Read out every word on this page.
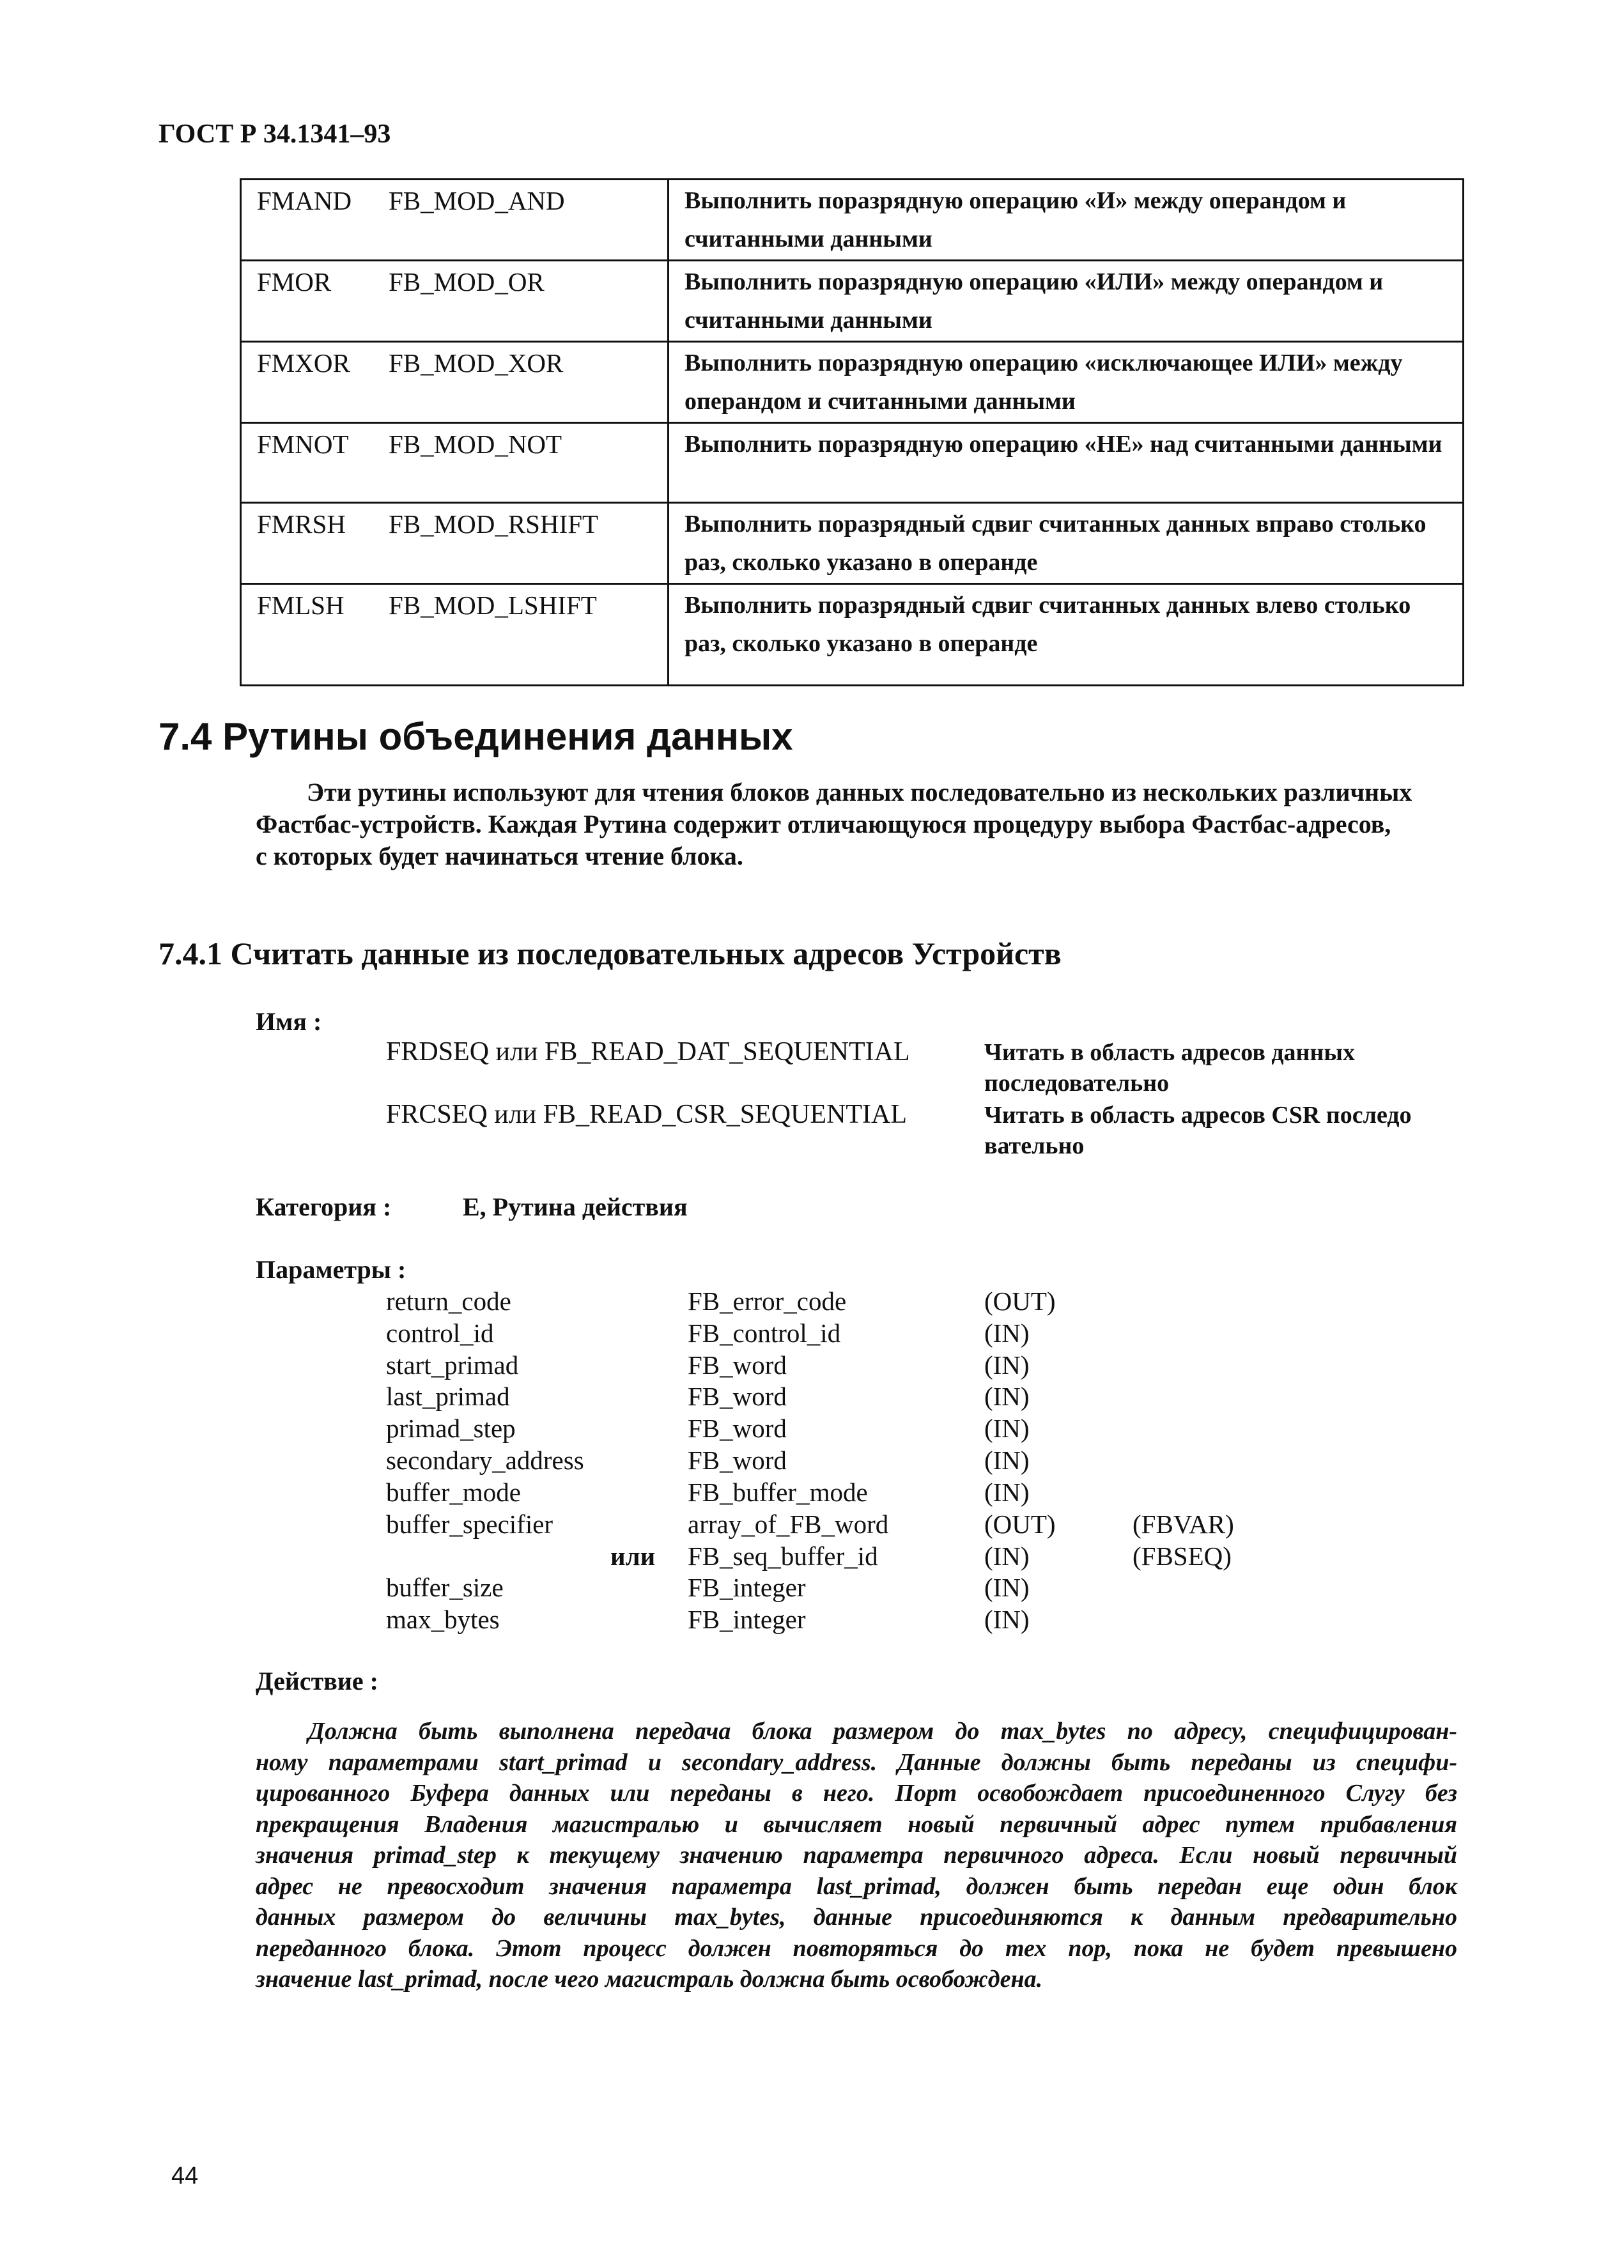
ГОСТ Р 34.1341–93
FMAND FB_MOD_AND	Выполнить поразрядную операцию «И» между операндом и считанными данными
FMOR FB_MOD_OR	Выполнить поразрядную операцию «ИЛИ» между операндом и считанными данными
FMXOR FB_MOD_XOR	Выполнить поразрядную операцию «исключающее ИЛИ» между операндом и считанными данными
FMNOT FB_MOD_NOT	Выполнить поразрядную операцию «НЕ» над считанными данными
FMRSH FB_MOD_RSHIFT	Выполнить поразрядный сдвиг считанных данных вправо столько раз, сколько указано в операнде
FMLSH FB_MOD_LSHIFT	Выполнить поразрядный сдвиг считанных данных влево столько раз, сколько указано в операнде
7.4 Рутины объединения данных
Эти рутины используют для чтения блоков данных последовательно из нескольких различных
Фастбас-устройств. Каждая Рутина содержит отличающуюся процедуру выбора Фастбас-адресов,
с которых будет начинаться чтение блока.
7.4.1 Считать данные из последовательных адресов Устройств
Имя :
FRDSEQ или FB_READ_DAT_SEQUENTIAL	Читать в область адресов данных
последовательно
FRCSEQ или FB_READ_CSR_SEQUENTIAL	Читать в область адресов CSR последо
вательно
Категория :	E, Рутина действия
Параметры :
return_code	FB_error_code	(OUT)
control_id	FB_control_id	(IN)
start_primad	FB_word	(IN)
last_primad	FB_word	(IN)
primad_step	FB_word	(IN)
secondary_address	FB_word	(IN)
buffer_mode	FB_buffer_mode	(IN)
buffer_specifier	array_of_FB_word	(OUT)	(FBVAR)
или FB_seq_buffer_id	(IN)	(FBSEQ)
buffer_size	FB_integer	(IN)
max_bytes	FB_integer	(IN)
Действие :
Должна быть выполнена передача блока размером до max_bytes по адресу, специфицирован-
ному параметрами start_primad и secondary_address. Данные должны быть переданы из специфи-
цированного Буфера данных или переданы в него. Порт освобождает присоединенного Слугу без
прекращения Владения магистралью и вычисляет новый первичный адрес путем прибавления
значения primad_step к текущему значению параметра первичного адреса. Если новый первичный
адрес не превосходит значения параметра last_primad, должен быть передан еще один блок
данных размером до величины max_bytes, данные присоединяются к данным предварительно
переданного блока. Этот процесс должен повторяться до тех пор, пока не будет превышено
значение last_primad, после чего магистраль должна быть освобождена.
44
